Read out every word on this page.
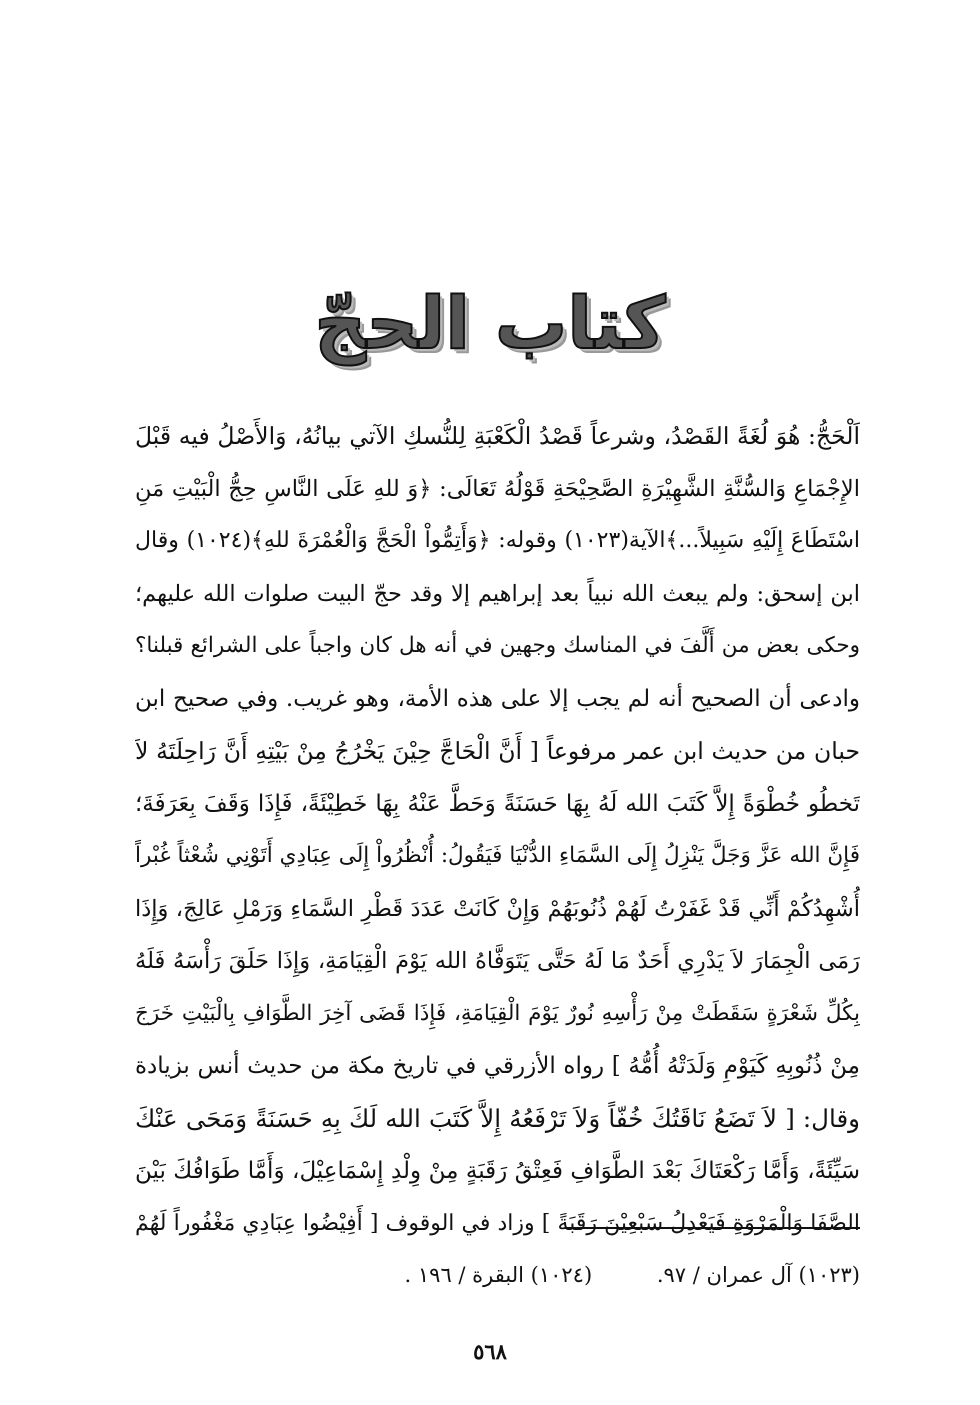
كتاب الحجّ
اَلْحَجُّ: هُوَ لُغَةً القَصْدُ، وشرعاً قَصْدُ الْكَعْبَةِ لِلنُّسكِ الآتي بيانُهُ، وَالأَصْلُ فيه قَبْلَ
الإِجْمَاعِ وَالسُّنَّةِ الشَّهِيْرَةِ الصَّحِيْحَةِ قَوْلُهُ تَعَالَى: ﴿وَ للهِ عَلَى النَّاسِ حِجُّ الْبَيْتِ مَنِ
اسْتَطَاعَ إِلَيْهِ سَبِيلاً...﴾الآية(١٠٢٣) وقوله: ﴿وَأَتِمُّواْ الْحَجَّ وَالْعُمْرَةَ للهِ﴾(١٠٢٤) وقال
ابن إسحق: ولم يبعث الله نبياً بعد إبراهيم إلا وقد حجّ البيت صلوات الله عليهم؛
وحكى بعض من أَلَّفَ في المناسك وجهين في أنه هل كان واجباً على الشرائع قبلنا؟
وادعى أن الصحيح أنه لم يجب إلا على هذه الأمة، وهو غريب. وفي صحيح ابن
حبان من حديث ابن عمر مرفوعاً [ أَنَّ الْحَاجَّ حِيْنَ يَخْرُجُ مِنْ بَيْتِهِ أَنَّ رَاحِلَتَهُ لاَ
تَخطُو خُطْوَةً إِلاَّ كَتَبَ الله لَهُ بِهَا حَسَنَةً وَحَطَّ عَنْهُ بِهَا خَطِيْئَةً، فَإِذَا وَقَفَ بِعَرَفَةَ؛
فَإِنَّ الله عَزَّ وَجَلَّ يَنْزِلُ إِلَى السَّمَاءِ الدُّنْيَا فَيَقُولُ: أُنْظُرُواْ إِلَى عِبَادِي أَتَوْنِي شُعْثاً غُبْراً
أُشْهِدُكُمْ أَنِّي قَدْ غَفَرْتُ لَهُمْ ذُنُوبَهُمْ وَإِنْ كَانَتْ عَدَدَ قَطْرِ السَّمَاءِ وَرَمْلِ عَالِجَ، وَإِذَا
رَمَى الْجِمَارَ لاَ يَدْرِي أَحَدٌ مَا لَهُ حَتَّى يَتَوَفَّاهُ الله يَوْمَ الْقِيَامَةِ، وَإِذَا حَلَقَ رَأْسَهُ فَلَهُ
بِكُلِّ شَعْرَةٍ سَقَطَتْ مِنْ رَأْسِهِ نُورٌ يَوْمَ الْقِيَامَةِ، فَإِذَا قَضَى آخِرَ الطَّوَافِ بِالْبَيْتِ خَرَجَ
مِنْ ذُنُوبِهِ كَيَوْمِ وَلَدَتْهُ أُمُّهُ ] رواه الأزرقي في تاريخ مكة من حديث أنس بزيادة
وقال: [ لاَ تَضَعُ نَاقَتُكَ خُفّاً وَلاَ تَرْفَعُهُ إِلاَّ كَتَبَ الله لَكَ بِهِ حَسَنَةً وَمَحَى عَنْكَ
سَيِّئَةً، وَأَمَّا رَكْعَتَاكَ بَعْدَ الطَّوَافِ فَعِتْقُ رَقَبَةٍ مِنْ وِلْدِ إِسْمَاعِيْلَ، وَأَمَّا طَوَافُكَ بَيْنَ
الصَّفَا وَالْمَرْوَةِ فَيَعْدِلُ سَبْعِيْنَ رَقَبَةً ] وزاد في الوقوف [ أَفِيْضُوا عِبَادِي مَغْفُوراً لَهُمْ
(١٠٢٣) آل عمران / ٩٧. (١٠٢٤) البقرة / ١٩٦ .
٥٦٨
